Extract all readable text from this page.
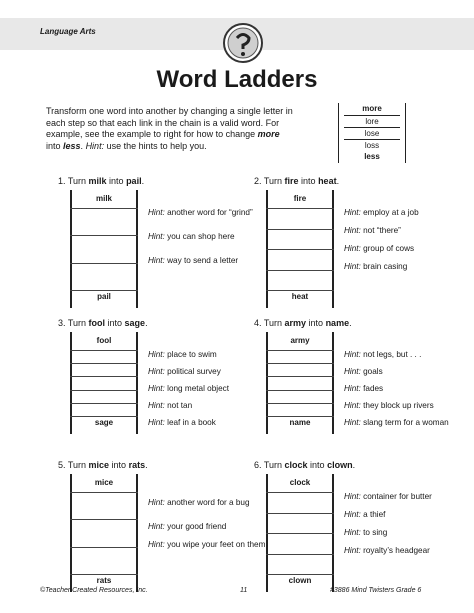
Language Arts
Word Ladders
Transform one word into another by changing a single letter in
each step so that each link in the chain is a valid word. For
example, see the example to right for how to change more
into less. Hint: use the hints to help you.
more
lore
lose
loss
less
1. Turn milk into pail.
milk
pail
Hint: another word for “grind”
Hint: you can shop here
Hint: way to send a letter
2. Turn fire into heat.
fire
heat
Hint: employ at a job
Hint: not “there”
Hint: group of cows
Hint: brain casing
3. Turn fool into sage.
fool
sage
Hint: place to swim
Hint: political survey
Hint: long metal object
Hint: not tan
Hint: leaf in a book
4. Turn army into name.
army
name
Hint: not legs, but . . .
Hint: goals
Hint: fades
Hint: they block up rivers
Hint: slang term for a woman
5. Turn mice into rats.
mice
rats
Hint: another word for a bug
Hint: your good friend
Hint: you wipe your feet on them
6. Turn clock into clown.
clock
clown
Hint: container for butter
Hint: a thief
Hint: to sing
Hint: royalty’s headgear
©Teacher Created Resources, Inc.	11	#3886 Mind Twisters Grade 6
